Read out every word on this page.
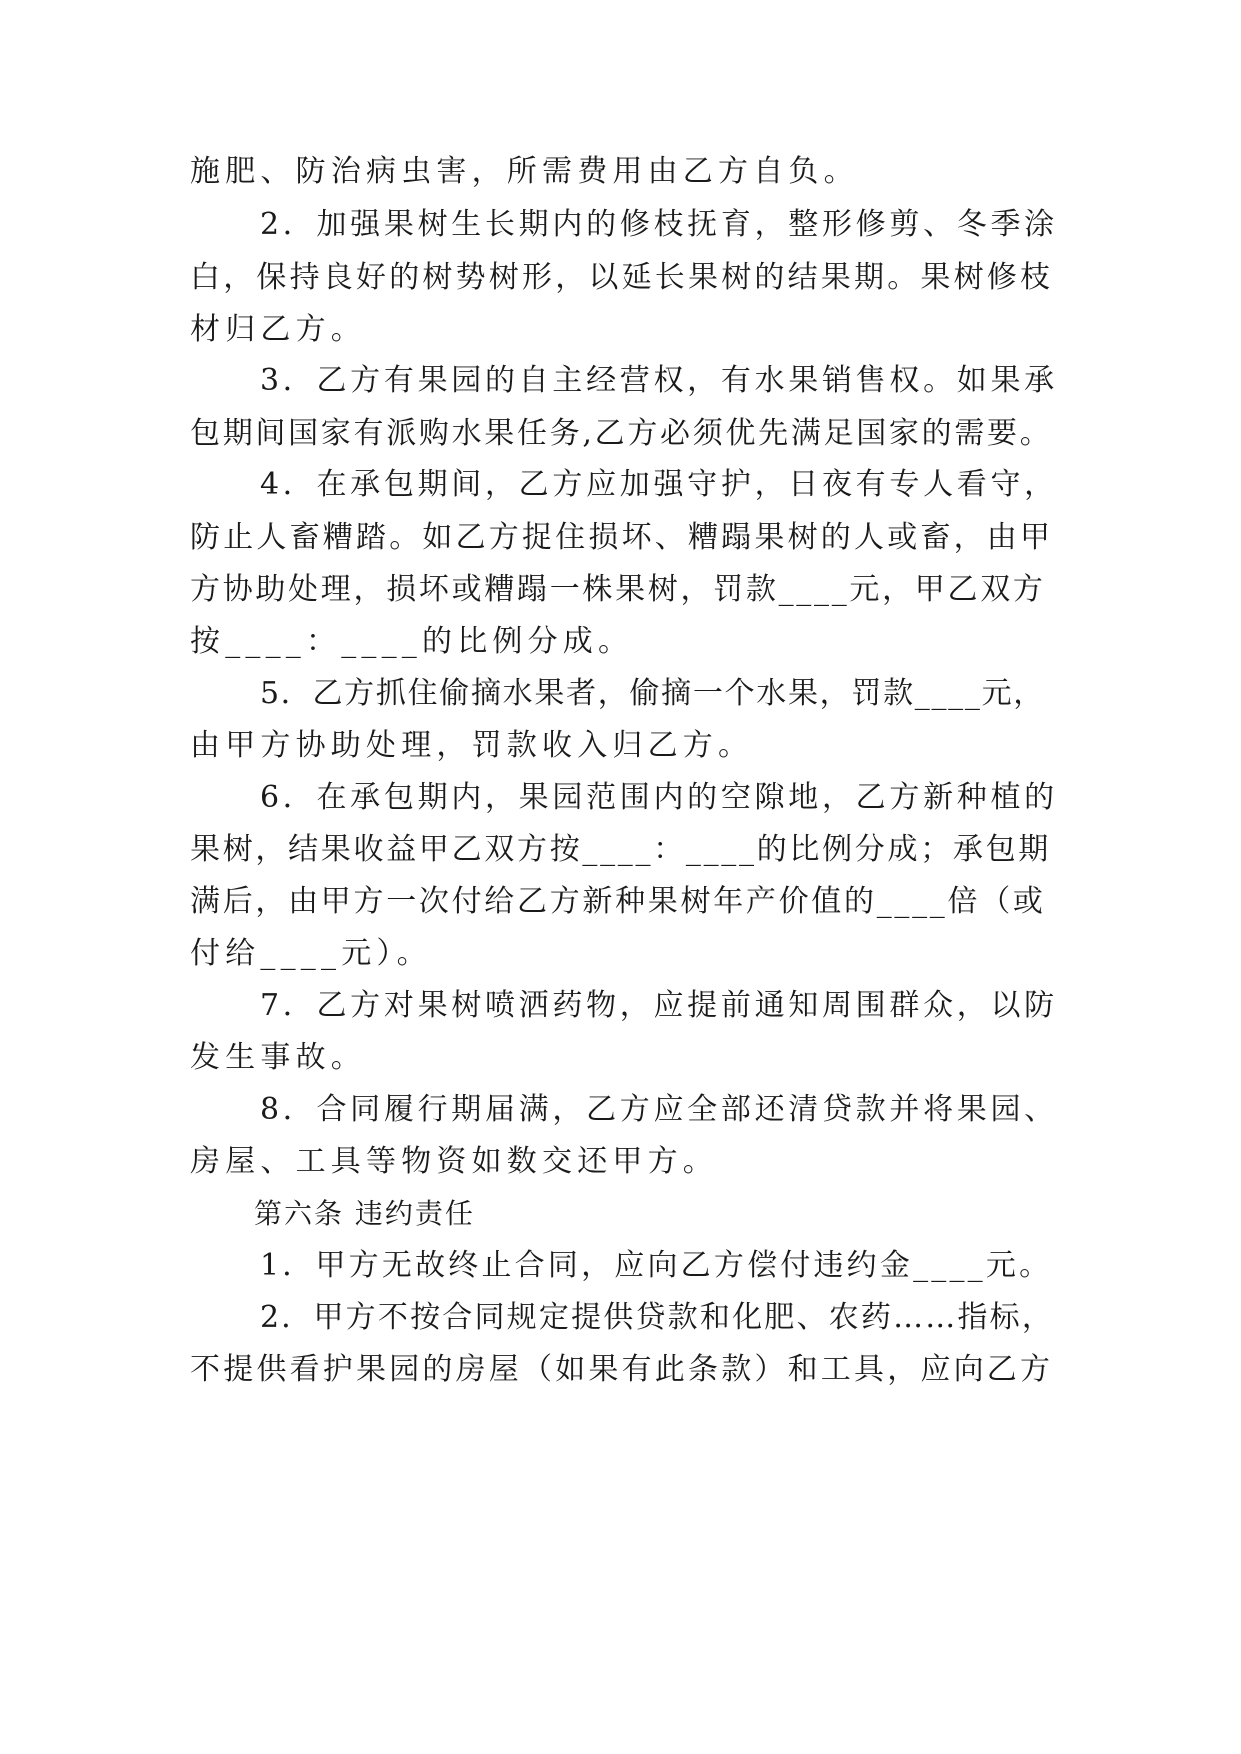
施肥、防治病虫害，所需费用由乙方自负。
2．加强果树生长期内的修枝抚育，整形修剪、冬季涂
白，保持良好的树势树形，以延长果树的结果期。果树修枝
材归乙方。
3．乙方有果园的自主经营权，有水果销售权。如果承
包期间国家有派购水果任务,乙方必须优先满足国家的需要。
4．在承包期间，乙方应加强守护，日夜有专人看守，
防止人畜糟踏。如乙方捉住损坏、糟蹋果树的人或畜，由甲
方协助处理，损坏或糟蹋一株果树，罚款____元，甲乙双方
按____：____的比例分成。
5．乙方抓住偷摘水果者，偷摘一个水果，罚款____元，
由甲方协助处理，罚款收入归乙方。
6．在承包期内，果园范围内的空隙地，乙方新种植的
果树，结果收益甲乙双方按____：____的比例分成；承包期
满后，由甲方一次付给乙方新种果树年产价值的____倍（或
付给____元）。
7．乙方对果树喷洒药物，应提前通知周围群众，以防
发生事故。
8．合同履行期届满，乙方应全部还清贷款并将果园、
房屋、工具等物资如数交还甲方。
第六条 违约责任
1．甲方无故终止合同，应向乙方偿付违约金____元。
2．甲方不按合同规定提供贷款和化肥、农药……指标，
不提供看护果园的房屋（如果有此条款）和工具，应向乙方
